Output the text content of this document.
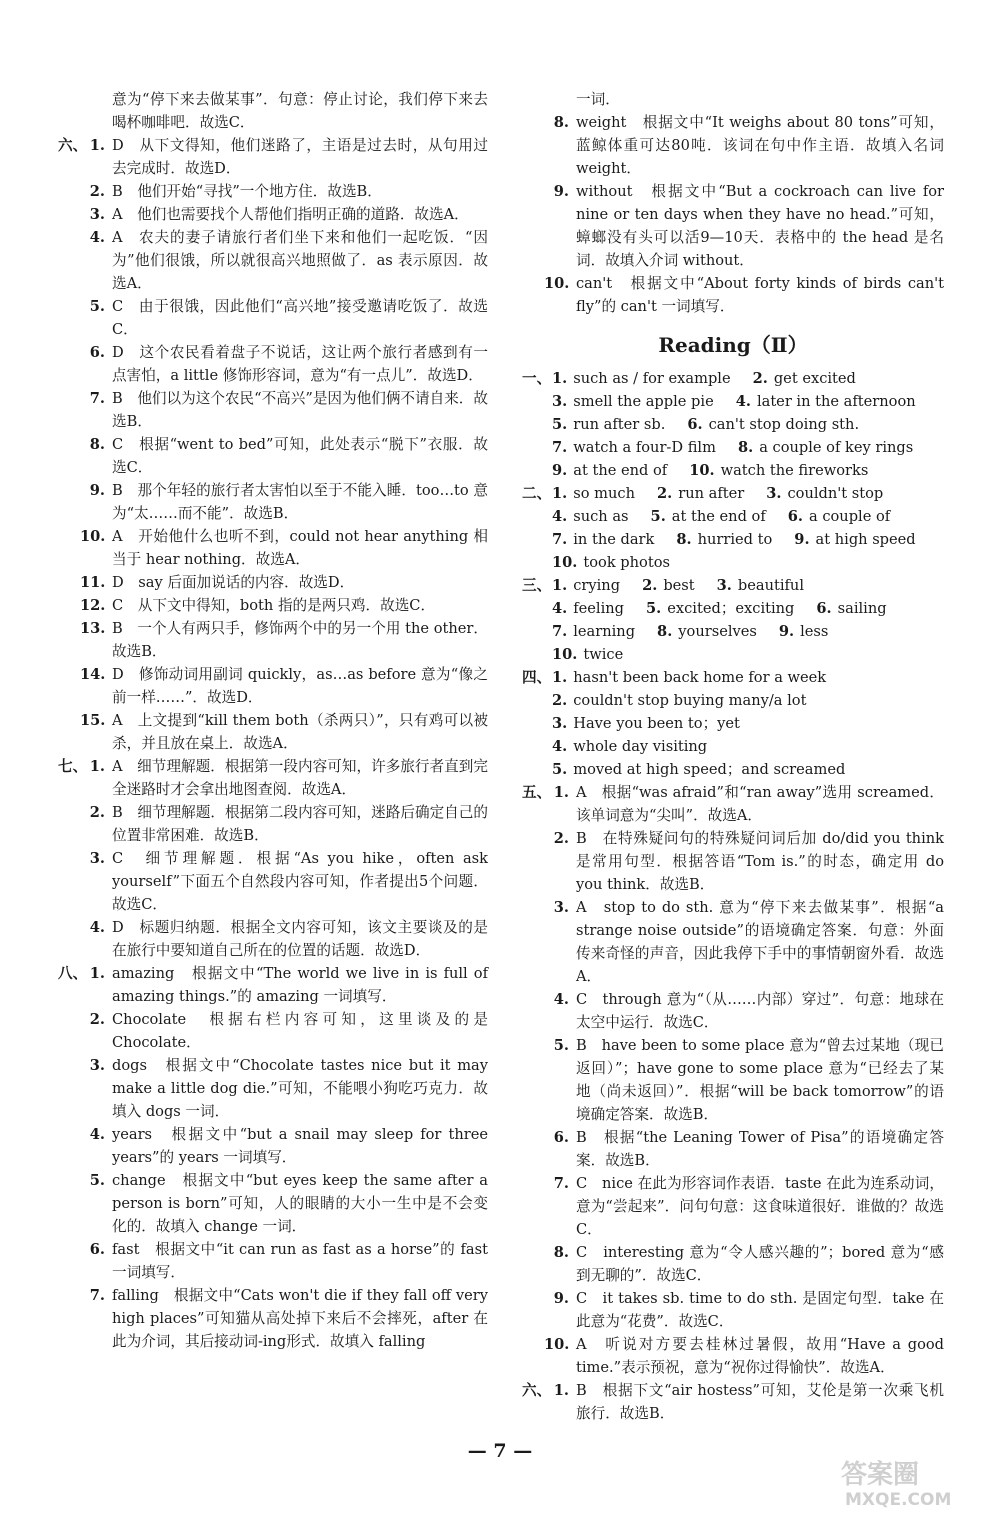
意为“停下来去做某事”．句意：停止讨论，我们停下来去喝杯咖啡吧．故选C．
六、 1. D　从下文得知，他们迷路了，主语是过去时，从句用过去完成时．故选D．
2. B　他们开始“寻找”一个地方住．故选B．
3. A　他们也需要找个人帮他们指明正确的道路．故选A．
4. A　农夫的妻子请旅行者们坐下来和他们一起吃饭．“因为”他们很饿，所以就很高兴地照做了．as 表示原因．故选A．
5. C　由于很饿，因此他们“高兴地”接受邀请吃饭了．故选C．
6. D　这个农民看着盘子不说话，这让两个旅行者感到有一点害怕，a little 修饰形容词，意为“有一点儿”．故选D．
7. B　他们以为这个农民“不高兴”是因为他们俩不请自来．故选B．
8. C　根据“went to bed”可知，此处表示“脱下”衣服．故选C．
9. B　那个年轻的旅行者太害怕以至于不能入睡．too…to 意为“太……而不能”．故选B．
10. A　开始他什么也听不到，could not hear anything 相当于 hear nothing．故选A．
11. D　say 后面加说话的内容．故选D．
12. C　从下文中得知，both 指的是两只鸡．故选C．
13. B　一个人有两只手，修饰两个中的另一个用 the other．故选B．
14. D　修饰动词用副词 quickly，as…as before 意为“像之前一样……”．故选D．
15. A　上文提到“kill them both（杀两只）”，只有鸡可以被杀，并且放在桌上．故选A．
七、 1. A　细节理解题．根据第一段内容可知，许多旅行者直到完全迷路时才会拿出地图查阅．故选A．
2. B　细节理解题．根据第二段内容可知，迷路后确定自己的位置非常困难．故选B．
3. C　细节理解题．根据“As you hike，often ask yourself”下面五个自然段内容可知，作者提出5个问题．故选C．
4. D　标题归纳题．根据全文内容可知，该文主要谈及的是在旅行中要知道自己所在的位置的话题．故选D．
八、 1. amazing　根据文中“The world we live in is full of amazing things.”的 amazing 一词填写．
2. Chocolate　根据右栏内容可知，这里谈及的是 Chocolate．
3. dogs　根据文中“Chocolate tastes nice but it may make a little dog die.”可知，不能喂小狗吃巧克力．故填入 dogs 一词．
4. years　根据文中“but a snail may sleep for three years”的 years 一词填写．
5. change　根据文中“but eyes keep the same after a person is born”可知，人的眼睛的大小一生中是不会变化的．故填入 change 一词．
6. fast　根据文中“it can run as fast as a horse”的 fast 一词填写．
7. falling　根据文中“Cats won't die if they fall off very high places”可知猫从高处掉下来后不会摔死，after 在此为介词，其后接动词-ing形式．故填入 falling
一词．
8. weight　根据文中“It weighs about 80 tons”可知，蓝鲸体重可达80吨．该词在句中作主语．故填入名词 weight．
9. without　根据文中“But a cockroach can live for nine or ten days when they have no head.”可知，蟑螂没有头可以活9—10天．表格中的 the head 是名词．故填入介词 without．
10. can't　根据文中“About forty kinds of birds can't fly”的 can't 一词填写．
Reading（Ⅱ）
一、 1. such as / for example 2. get excited
3. smell the apple pie 4. later in the afternoon
5. run after sb. 6. can't stop doing sth.
7. watch a four-D film 8. a couple of key rings
9. at the end of 10. watch the fireworks
二、 1. so much 2. run after 3. couldn't stop
4. such as 5. at the end of 6. a couple of
7. in the dark 8. hurried to 9. at high speed
10. took photos
三、 1. crying 2. best 3. beautiful
4. feeling 5. excited；exciting 6. sailing
7. learning 8. yourselves 9. less
10. twice
四、 1. hasn't been back home for a week
2. couldn't stop buying many/a lot
3. Have you been to；yet
4. whole day visiting
5. moved at high speed；and screamed
五、 1. A　根据“was afraid”和“ran away”选用 screamed．该单词意为“尖叫”．故选A．
2. B　在特殊疑问句的特殊疑问词后加 do/did you think 是常用句型．根据答语“Tom is.”的时态，确定用 do you think．故选B．
3. A　stop to do sth. 意为“停下来去做某事”．根据“a strange noise outside”的语境确定答案．句意：外面传来奇怪的声音，因此我停下手中的事情朝窗外看．故选A．
4. C　through 意为“（从……内部）穿过”．句意：地球在太空中运行．故选C．
5. B　have been to some place 意为“曾去过某地（现已返回）”；have gone to some place 意为“已经去了某地（尚未返回）”．根据“will be back tomorrow”的语境确定答案．故选B．
6. B　根据“the Leaning Tower of Pisa”的语境确定答案．故选B．
7. C　nice 在此为形容词作表语．taste 在此为连系动词，意为“尝起来”．问句句意：这食味道很好．谁做的？故选C．
8. C　interesting 意为“令人感兴趣的”；bored 意为“感到无聊的”．故选C．
9. C　it takes sb. time to do sth. 是固定句型．take 在此意为“花费”．故选C．
10. A　听说对方要去桂林过暑假，故用“Have a good time.”表示预祝，意为“祝你过得愉快”．故选A．
六、 1. B　根据下文“air hostess”可知，艾伦是第一次乘飞机旅行．故选B．
— 7 —
答案圈
MXQE.COM
